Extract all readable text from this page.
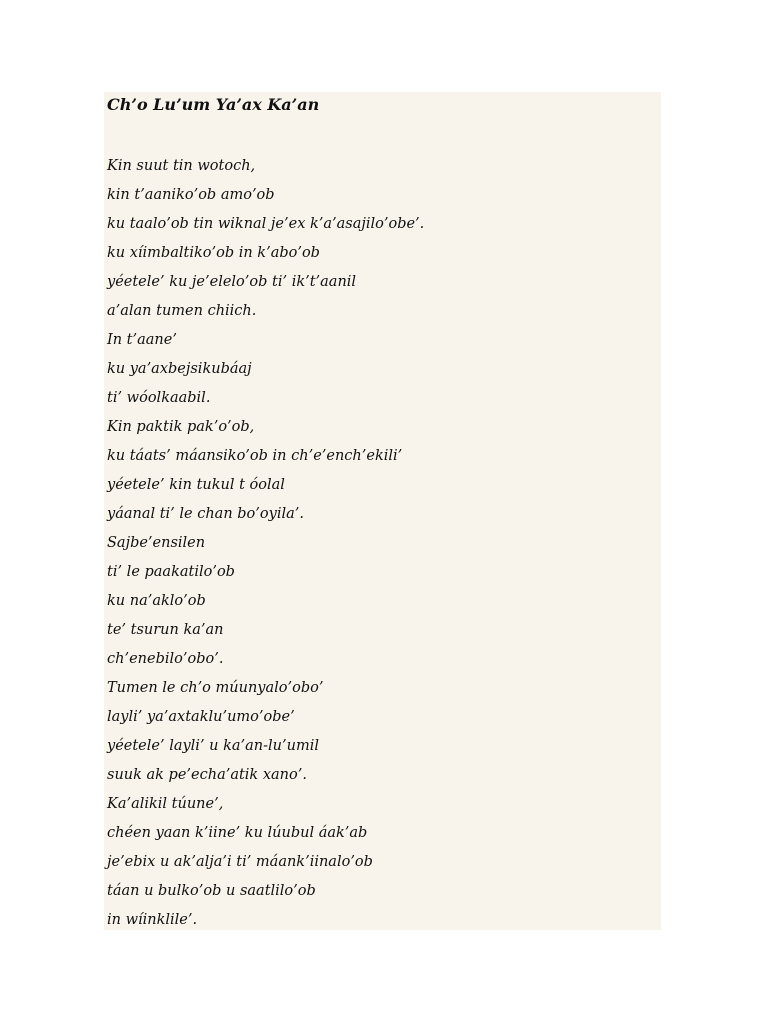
Ch’o Lu’um Ya’ax Ka’an
Kin suut tin wotoch,
kin t’aaniko’ob amo’ob
ku taalo’ob tin wiknal je’ex k’a’asajilo’obe’.
ku xíimbaltiko’ob in k’abo’ob
yéetele’ ku je’elelo’ob ti’ ik’t’aanil
a’alan tumen chiich.
In t’aane’
ku ya’axbejsikubáaj
ti’ wóolkaabil.
Kin paktik pak’o’ob,
ku táats’ máansiko’ob in ch’e’ench’ekili’
yéetele’ kin tukul t óolal
yáanal ti’ le chan bo’oyila’.
Sajbe’ensilen
ti’ le paakatilo’ob
ku na’aklo’ob
te’ tsurun ka’an
ch’enebilo’obo’.
Tumen le ch’o múunyalo’obo’
layli’ ya’axtaklu’umo’obe’
yéetele’ layli’ u ka’an-lu’umil
suuk ak pe’echa’atik xano’.
Ka’alikil túune’,
chéen yaan k’iine’ ku lúubul áak’ab
je’ebix u ak’alja’i ti’ máank’iinalo’ob
táan u bulko’ob u saatlilo’ob
in wíinklile’.
